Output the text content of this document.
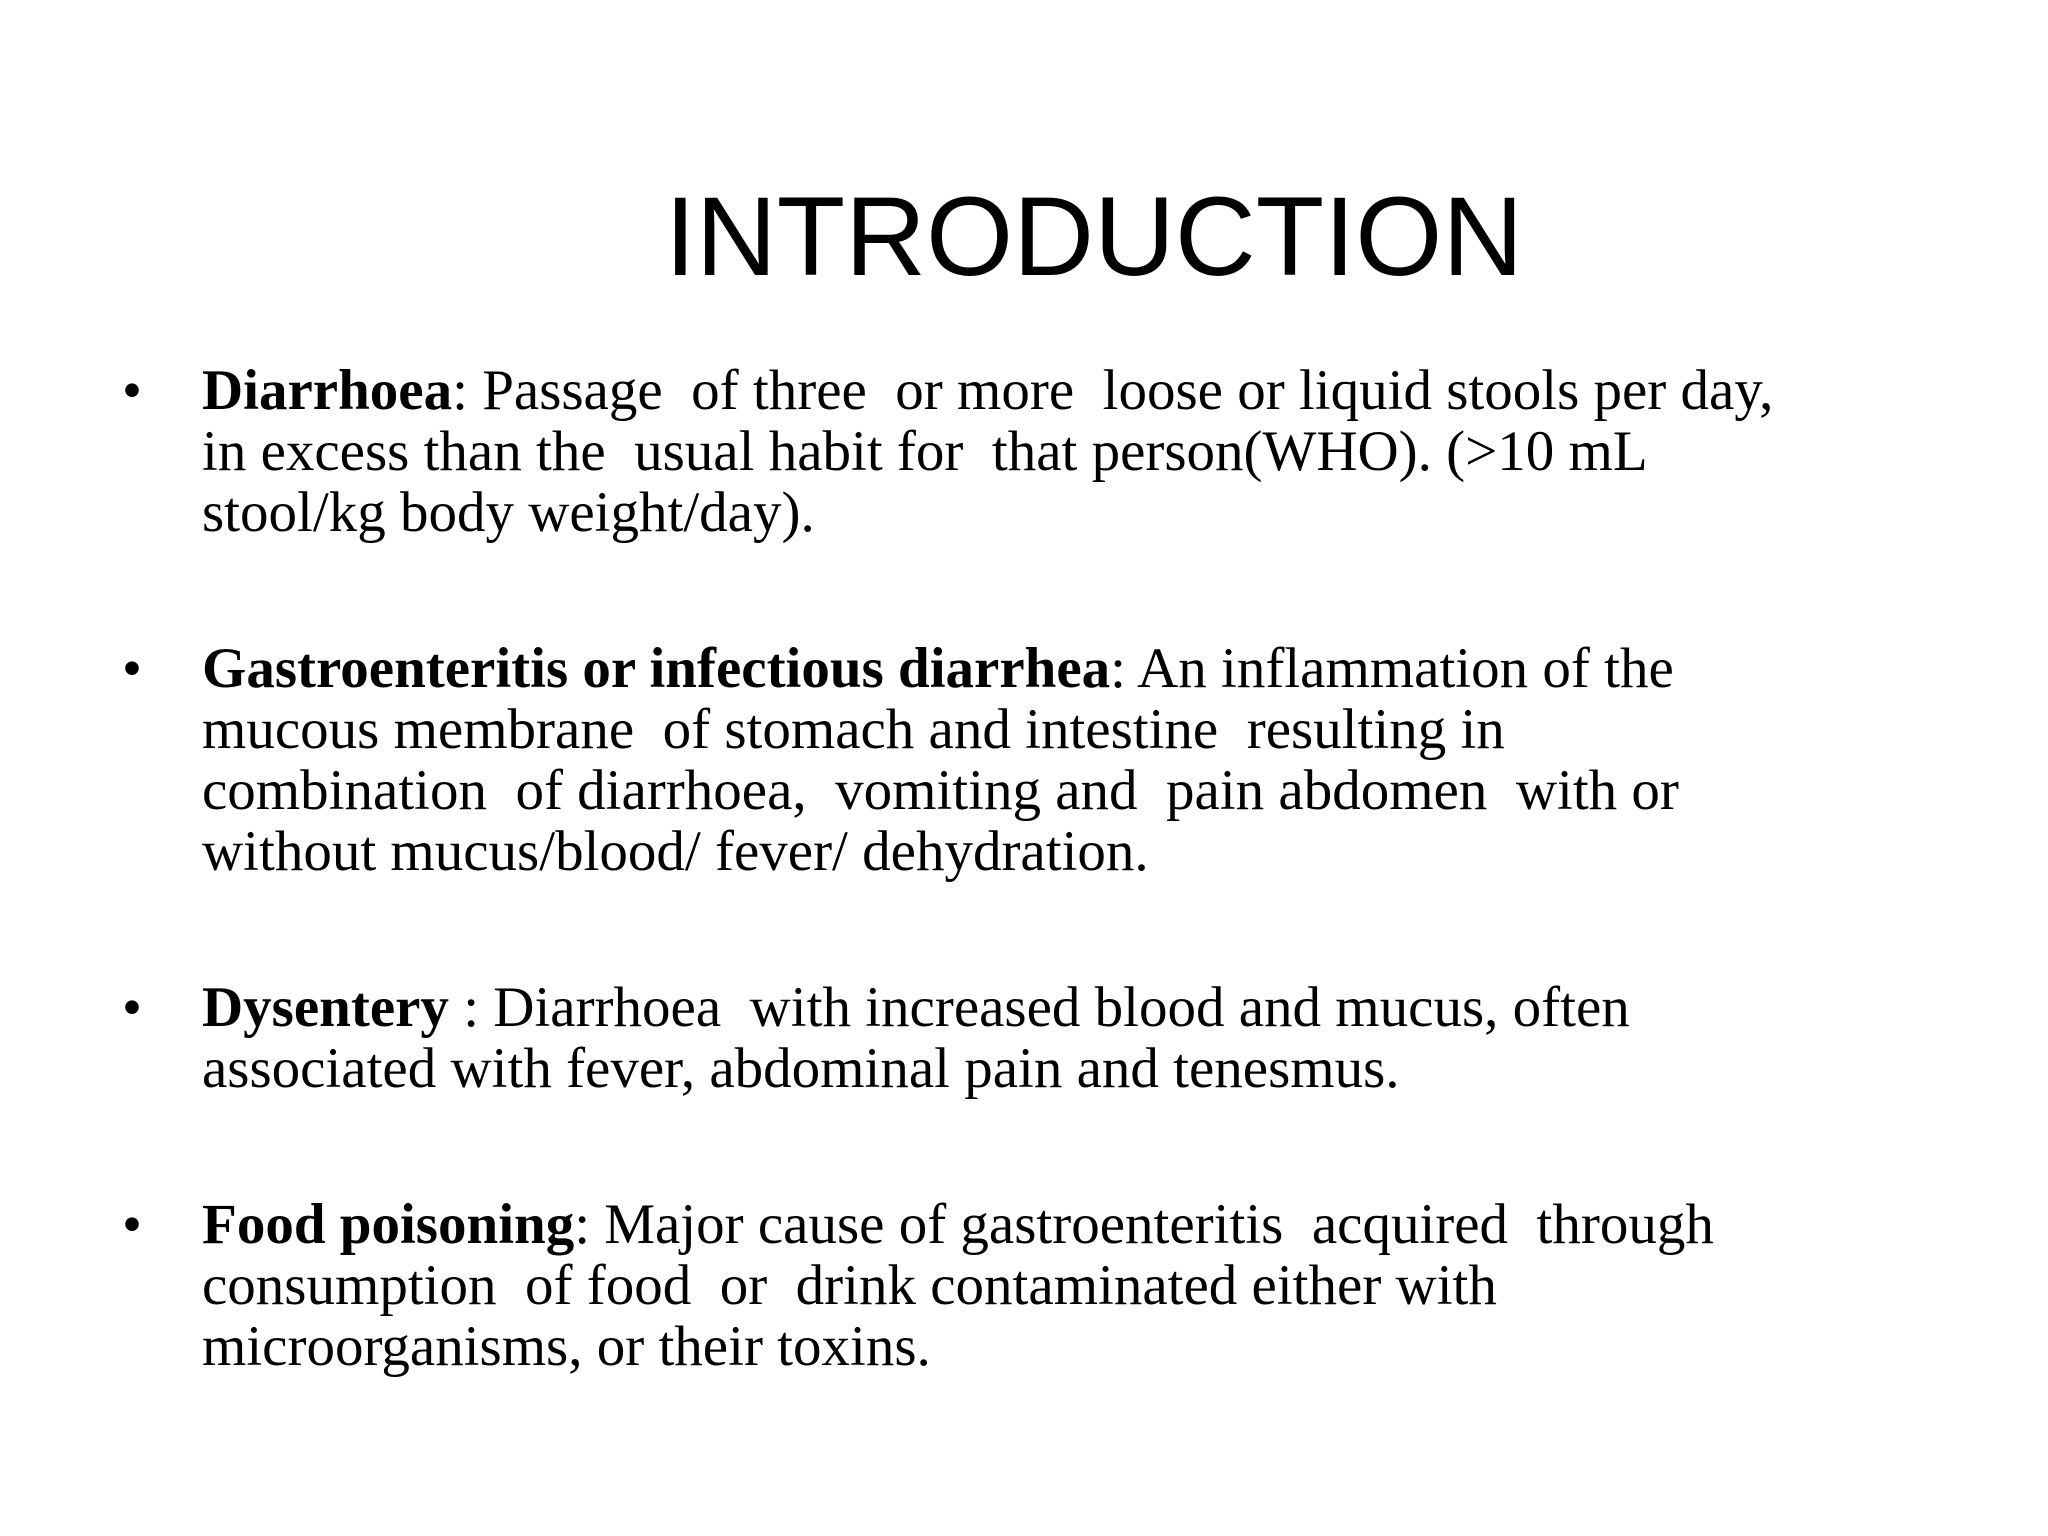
INTRODUCTION
• Diarrhoea: Passage  of three  or more  loose or liquid stools per day,
in excess than the  usual habit for  that person(WHO). (>10 mL
stool/kg body weight/day).
• Gastroenteritis or infectious diarrhea: An inflammation of the
mucous membrane  of stomach and intestine  resulting in
combination  of diarrhoea,  vomiting and  pain abdomen  with or
without mucus/blood/ fever/ dehydration.
• Dysentery : Diarrhoea  with increased blood and mucus, often
associated with fever, abdominal pain and tenesmus.
• Food poisoning: Major cause of gastroenteritis  acquired  through
consumption  of food  or  drink contaminated either with
microorganisms, or their toxins.
